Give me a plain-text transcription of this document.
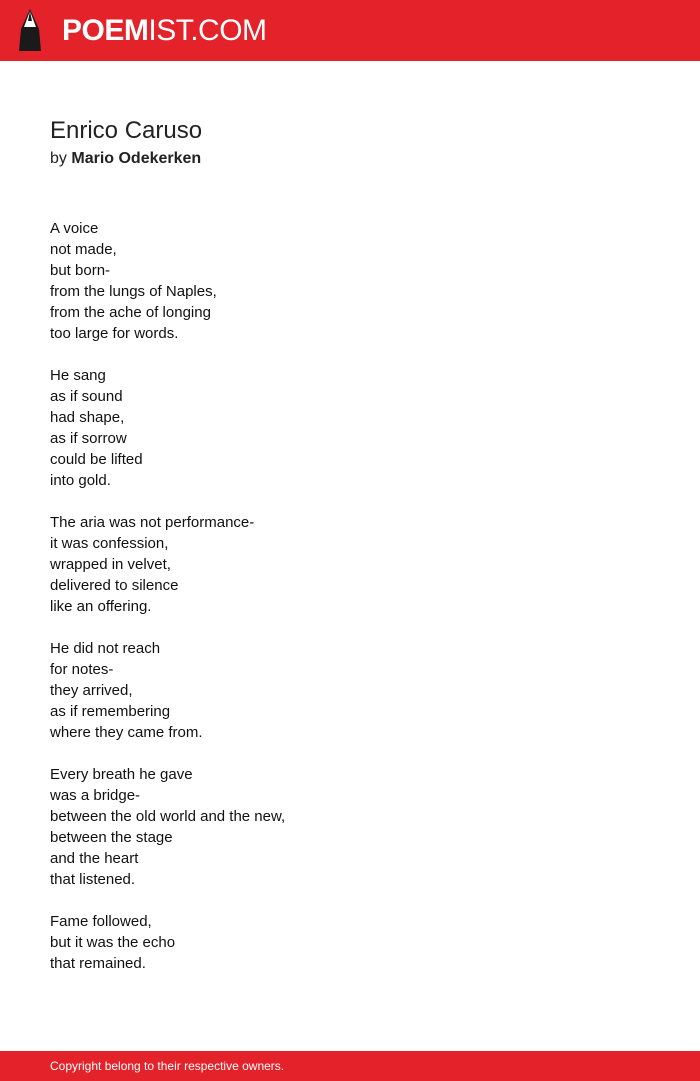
POEMIST.COM
Enrico Caruso
by Mario Odekerken
A voice
not made,
but born-
from the lungs of Naples,
from the ache of longing
too large for words.
He sang
as if sound
had shape,
as if sorrow
could be lifted
into gold.
The aria was not performance-
it was confession,
wrapped in velvet,
delivered to silence
like an offering.
He did not reach
for notes-
they arrived,
as if remembering
where they came from.
Every breath he gave
was a bridge-
between the old world and the new,
between the stage
and the heart
that listened.
Fame followed,
but it was the echo
that remained.
Copyright belong to their respective owners.
